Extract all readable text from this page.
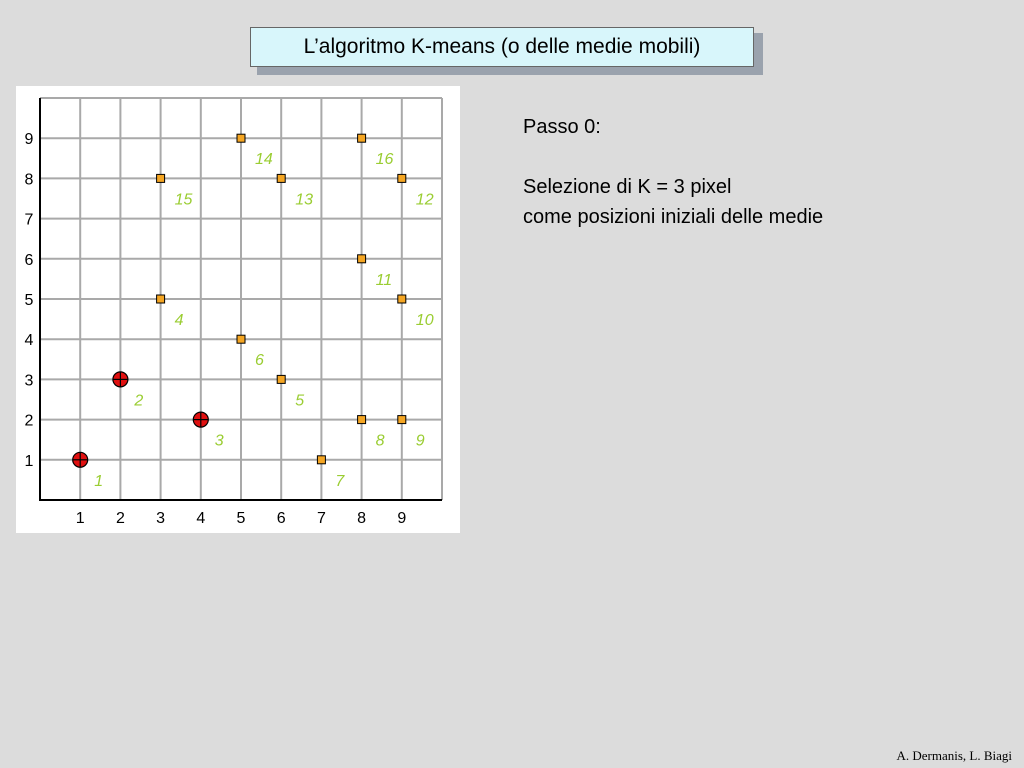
L’algoritmo K-means (o delle medie mobili)
1 2 3 4 5 6 7 8 9
1
2
3
4
5
6
7
8
9
1
2
3
4
5
6
7
8 9
10
11
12
13
14
15
16
Passo 0:
Selezione di K = 3 pixel
come posizioni iniziali delle medie
A. Dermanis, L. Biagi
